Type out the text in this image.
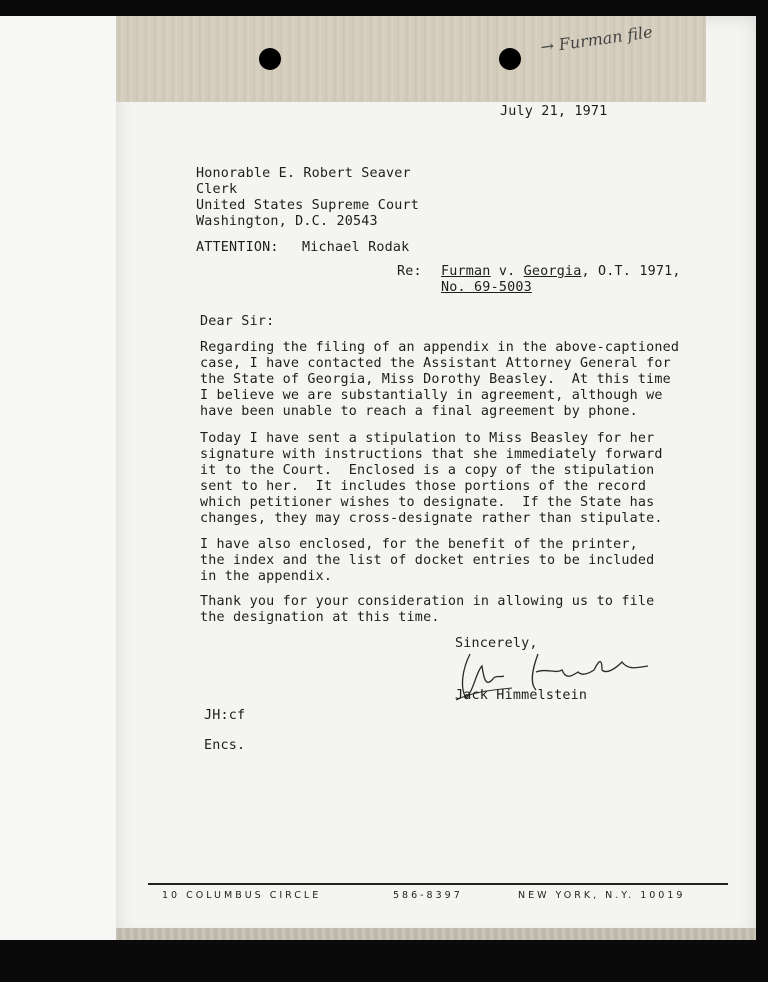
→ Furman file
July 21, 1971
Honorable E. Robert Seaver
Clerk
United States Supreme Court
Washington, D.C. 20543
ATTENTION: Michael Rodak
Re: Furman v. Georgia, O.T. 1971,
No. 69-5003
Dear Sir:
Regarding the filing of an appendix in the above-captioned
case, I have contacted the Assistant Attorney General for
the State of Georgia, Miss Dorothy Beasley.  At this time
I believe we are substantially in agreement, although we
have been unable to reach a final agreement by phone.
Today I have sent a stipulation to Miss Beasley for her
signature with instructions that she immediately forward
it to the Court.  Enclosed is a copy of the stipulation
sent to her.  It includes those portions of the record
which petitioner wishes to designate.  If the State has
changes, they may cross-designate rather than stipulate.
I have also enclosed, for the benefit of the printer,
the index and the list of docket entries to be included
in the appendix.
Thank you for your consideration in allowing us to file
the designation at this time.
Sincerely,
Jack Himmelstein
JH:cf
Encs.
10 COLUMBUS CIRCLE	586-8397	NEW YORK, N.Y. 10019
